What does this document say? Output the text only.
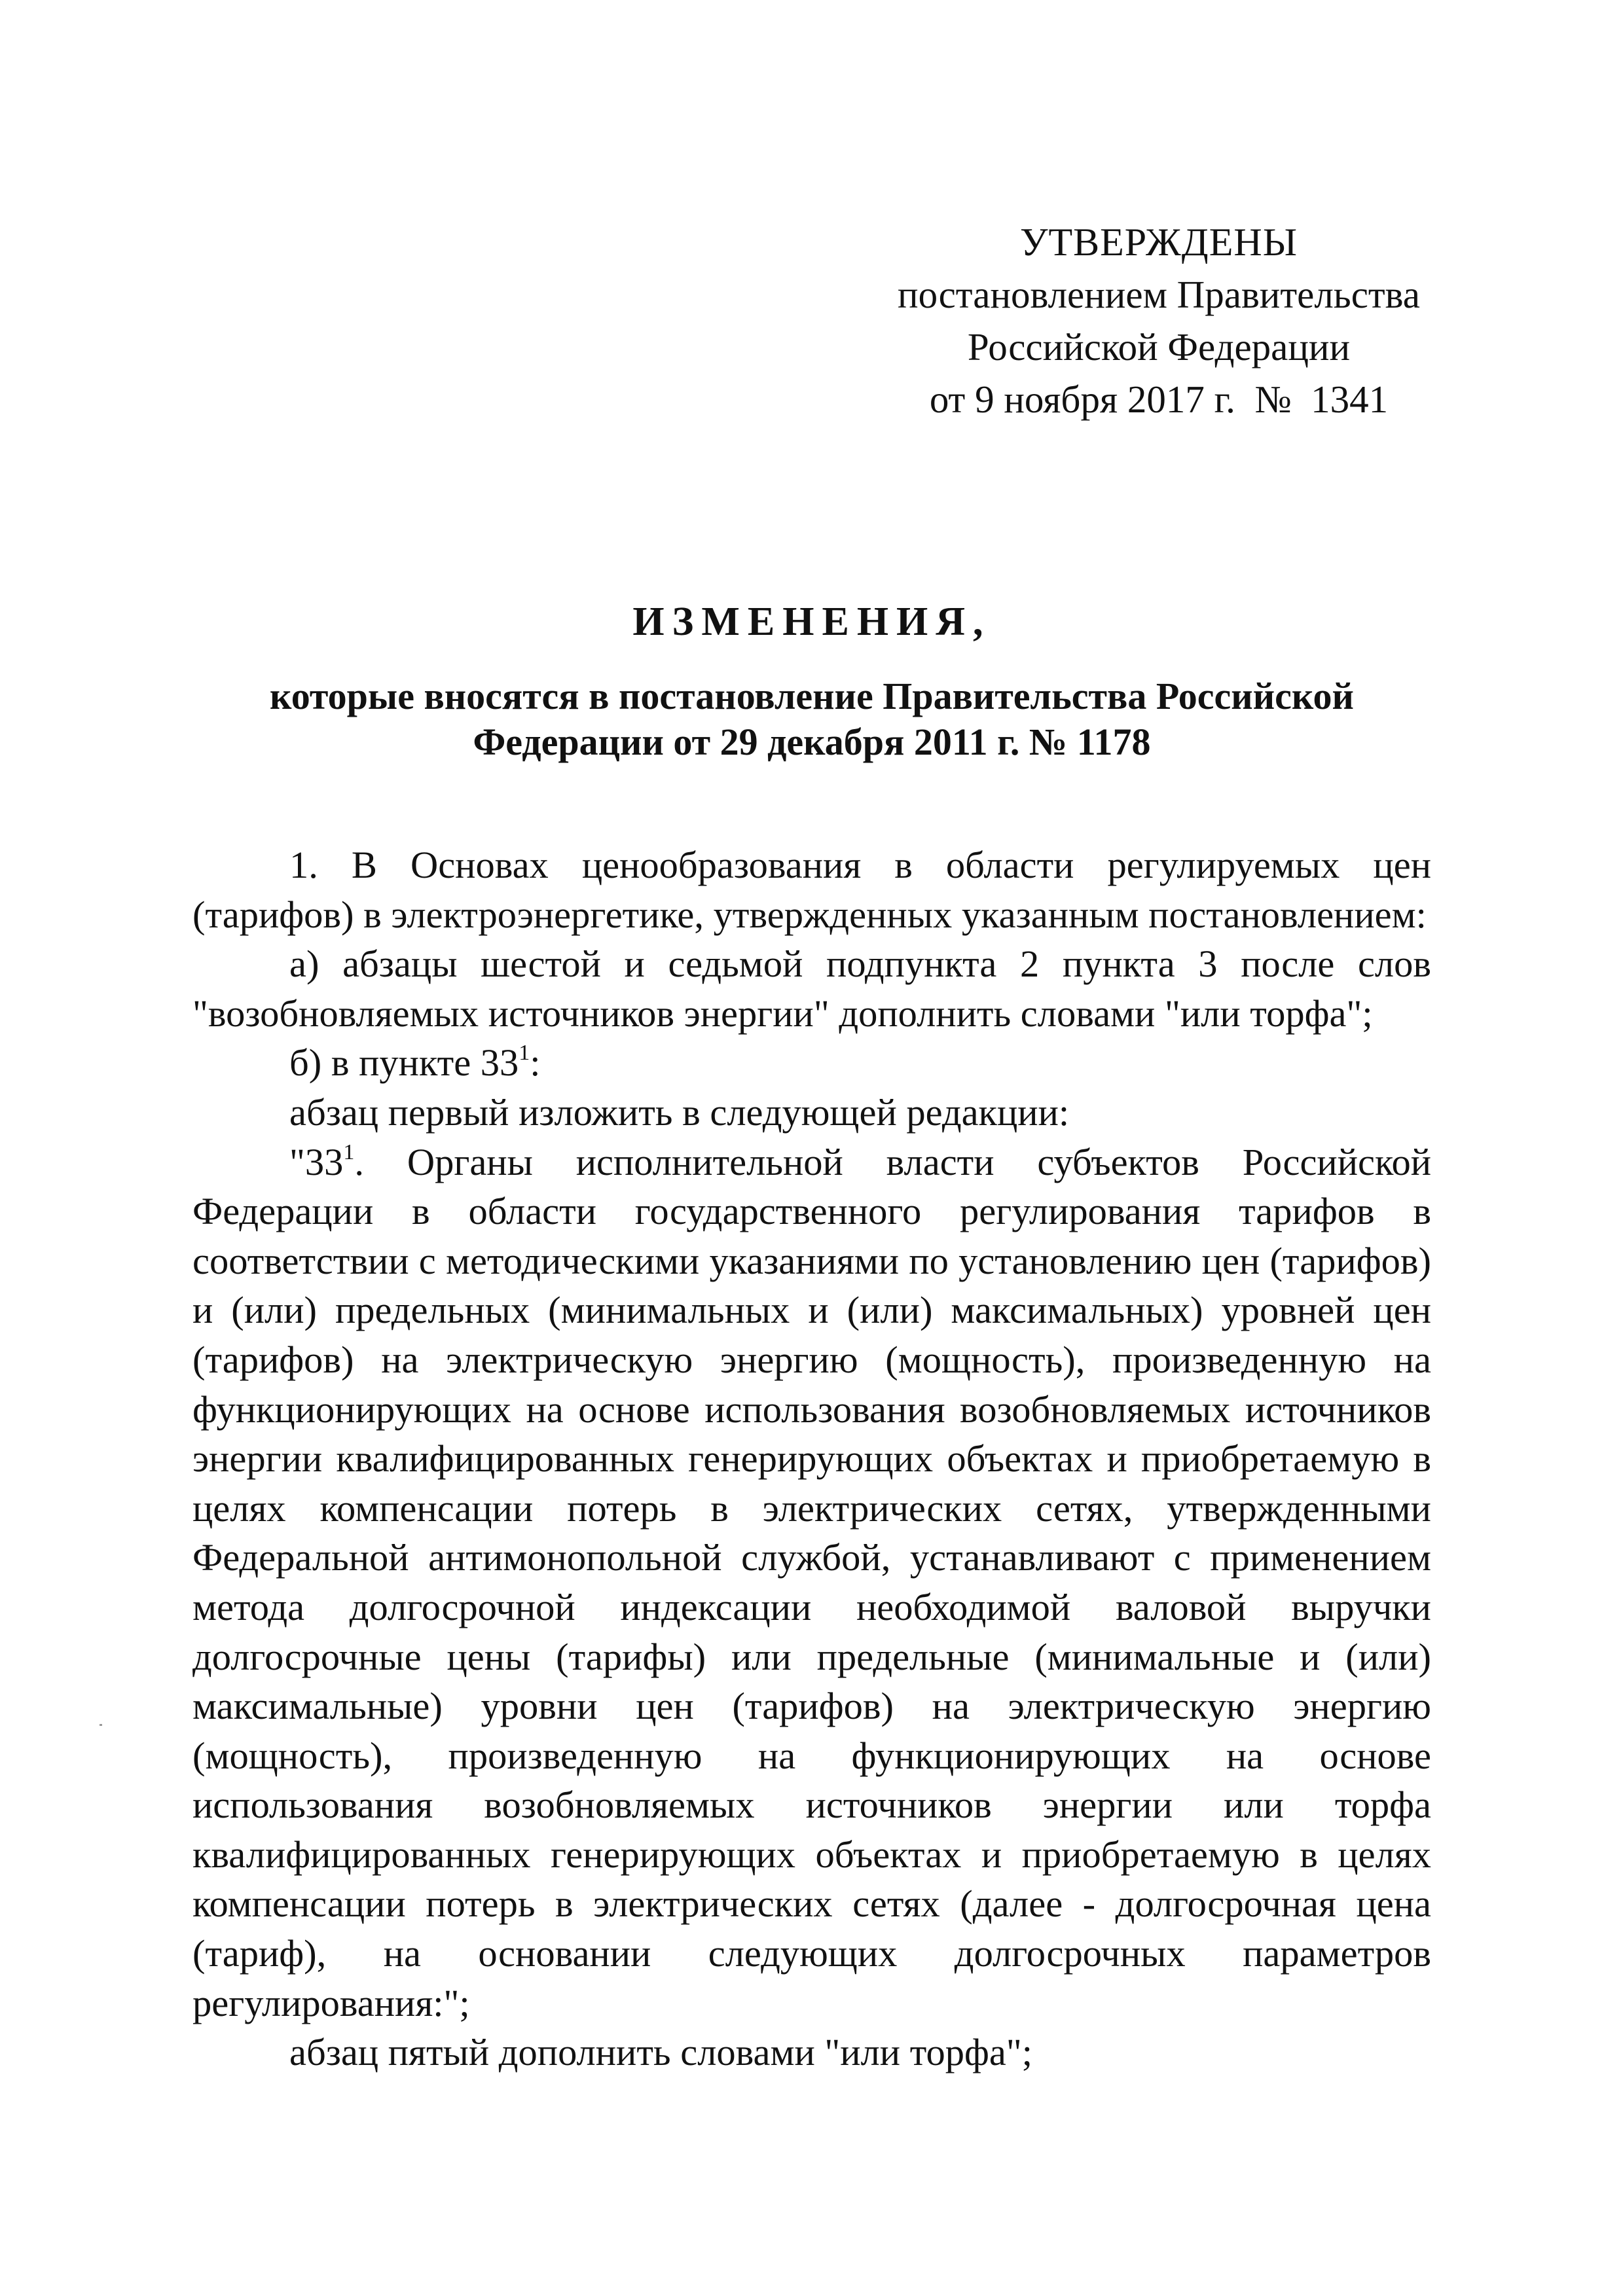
УТВЕРЖДЕНЫ
постановлением Правительства
Российской Федерации
от 9 ноября 2017 г.  №  1341
ИЗМЕНЕНИЯ,
которые вносятся в постановление Правительства Российской
Федерации от 29 декабря 2011 г. № 1178
1. В Основах ценообразования в области регулируемых цен
(тарифов) в электроэнергетике, утвержденных указанным постановлением:
а) абзацы шестой и седьмой подпункта 2 пункта 3 после слов
"возобновляемых источников энергии" дополнить словами "или торфа";
б) в пункте $33^1$:
абзац первый изложить в следующей редакции:
"$33^1$. Органы исполнительной власти субъектов Российской
Федерации в области государственного регулирования тарифов в
соответствии с методическими указаниями по установлению цен (тарифов)
и (или) предельных (минимальных и (или) максимальных) уровней цен
(тарифов) на электрическую энергию (мощность), произведенную на
функционирующих на основе использования возобновляемых источников
энергии квалифицированных генерирующих объектах и приобретаемую в
целях компенсации потерь в электрических сетях, утвержденными
Федеральной антимонопольной службой, устанавливают с применением
метода долгосрочной индексации необходимой валовой выручки
долгосрочные цены (тарифы) или предельные (минимальные и (или)
максимальные) уровни цен (тарифов) на электрическую энергию
(мощность), произведенную на функционирующих на основе
использования возобновляемых источников энергии или торфа
квалифицированных генерирующих объектах и приобретаемую в целях
компенсации потерь в электрических сетях (далее - долгосрочная цена
(тариф), на основании следующих долгосрочных параметров
регулирования:";
абзац пятый дополнить словами "или торфа";
